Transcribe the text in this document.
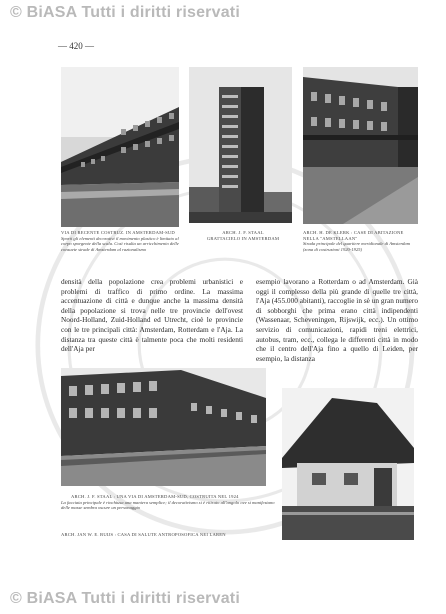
© BiASA Tutti i diritti riservati
— 420 —
VIA DI RECENTE COSTRUZ. IN AMSTERDAM-SUD
Sporti gli elementi decorativi il movimento plastico è limitato al corpo sporgente della scala. Così risulta un arricchimento delle consuete strade di Amsterdam al razionalismo
ARCH. J. F. STAAL
GRATTACIELO IN AMSTERDAM
ARCH. H. DE KLERK : CASE DI ABITAZIONE NELLA "AMSTELLAAN"
Strada principale del quartiere meridionale di Amsterdam (zona di costruzioni 1920-1925)

densità della popolazione crea problemi urbanistici e problemi di traffico di primo ordine. La massima accentuazione di città e dunque anche la massima densità della popolazione si trova nelle tre provincie dell'ovest Noord-Holland, Zuid-Holland ed Utrecht, cioè le provincie con le tre principali città: Amsterdam, Rotterdam e l'Aja. La distanza tra queste città è talmente poca che molti residenti dell'Aja per

esempio lavorano a Rotterdam o ad Amsterdam. Già oggi il complesso della più grande di quelle tre città, l'Aja (455.000 abitanti), raccoglie in sè un gran numero di sobborghi che prima erano città indipendenti (Wassenaar, Scheveningen, Rijswijk, ecc.). Un ottimo servizio di comunicazioni, rapidi treni elettrici, autobus, tram, ecc., collega le differenti città in modo che il centro dell'Aja fino a quello di Leiden, per esempio, la distanza

ARCH. J. F. STAAL : UNA VIA DI AMSTERDAM-SUD, COSTRUITA NEL 1924
La facciata principale è rinchiusa una maniera semplice; il decorativismo si è ritirato all'angolo ove si manifestano delle masse sembra oscure un personaggio
ARCH. JAN W. E. BUIJS : CASA DI SALUTE ANTROPOSOFICA NEI LAREN
© BiASA Tutti i diritti riservati
